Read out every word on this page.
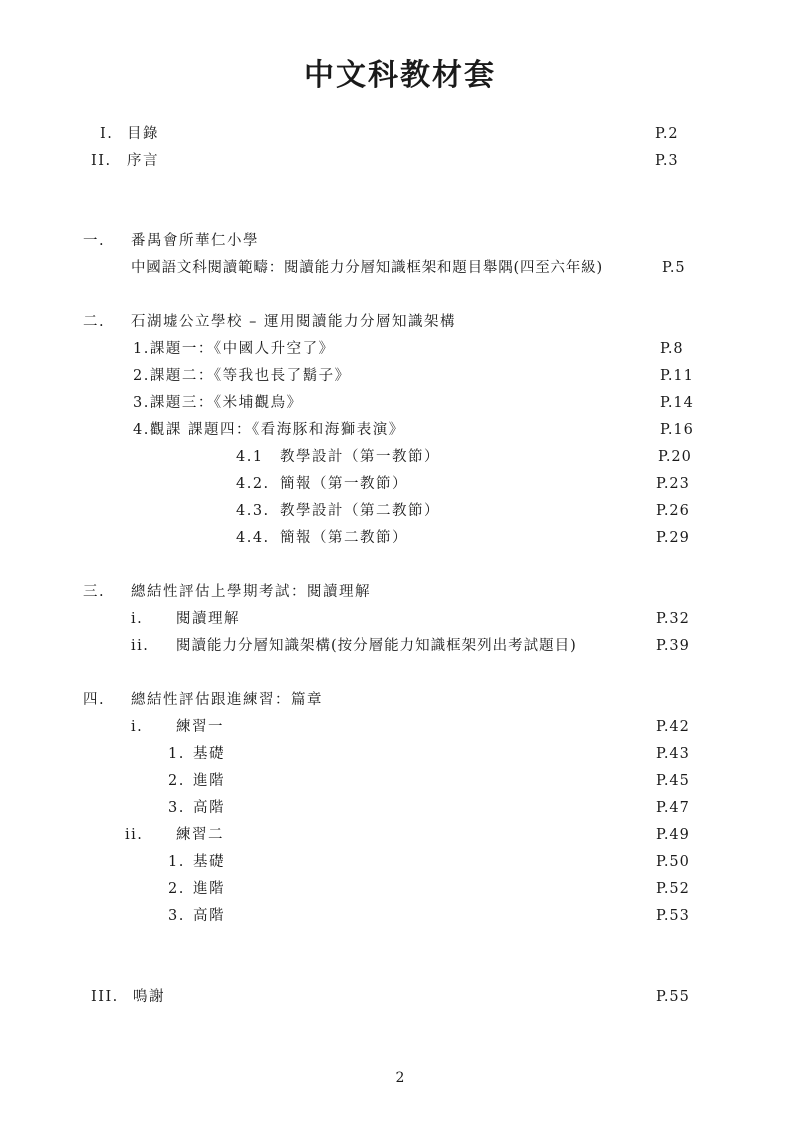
中文科教材套
I. 目錄	P.2
II. 序言	P.3
一. 番禺會所華仁小學
中國語文科閱讀範疇：閱讀能力分層知識框架和題目舉隅(四至六年級)	P.5
二. 石湖墟公立學校 – 運用閱讀能力分層知識架構
1.課題一：《中國人升空了》	P.8
2.課題二：《等我也長了鬍子》	P.11
3.課題三：《米埔觀鳥》	P.14
4.觀課 課題四：《看海豚和海獅表演》	P.16
4.1 教學設計（第一教節）	P.20
4.2. 簡報（第一教節）	P.23
4.3. 教學設計（第二教節）	P.26
4.4. 簡報（第二教節）	P.29
三. 總結性評估上學期考試：閱讀理解
i. 閱讀理解	P.32
ii. 閱讀能力分層知識架構(按分層能力知識框架列出考試題目)	P.39
四. 總結性評估跟進練習：篇章
i. 練習一	P.42
1. 基礎	P.43
2. 進階	P.45
3. 高階	P.47
ii. 練習二	P.49
1. 基礎	P.50
2. 進階	P.52
3. 高階	P.53
III. 鳴謝	P.55
2
